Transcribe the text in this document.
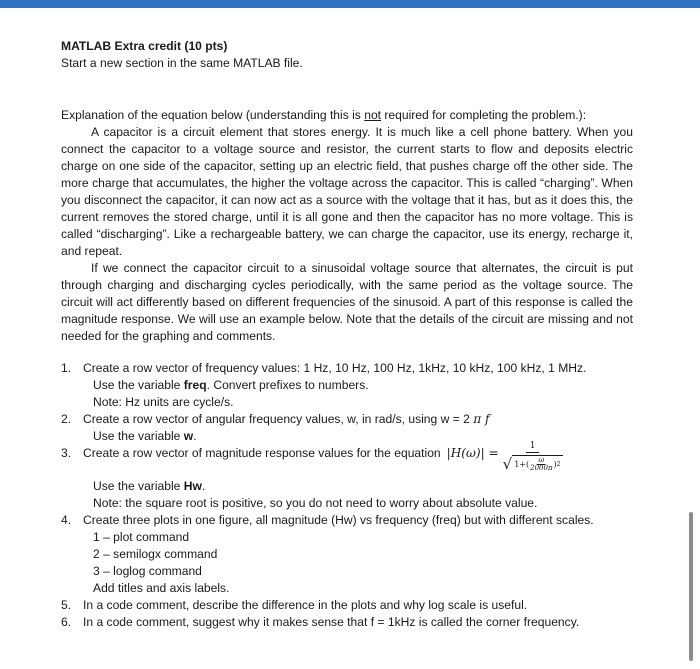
MATLAB Extra credit (10 pts)

Start a new section in the same MATLAB file.

Explanation of the equation below (understanding this is not required for completing the problem.):

A capacitor is a circuit element that stores energy. It is much like a cell phone battery. When you connect the capacitor to a voltage source and resistor, the current starts to flow and deposits electric charge on one side of the capacitor, setting up an electric field, that pushes charge off the other side. The more charge that accumulates, the higher the voltage across the capacitor. This is called “charging”. When you disconnect the capacitor, it can now act as a source with the voltage that it has, but as it does this, the current removes the stored charge, until it is all gone and then the capacitor has no more voltage. This is called “discharging”. Like a rechargeable battery, we can charge the capacitor, use its energy, recharge it, and repeat.

If we connect the capacitor circuit to a sinusoidal voltage source that alternates, the circuit is put through charging and discharging cycles periodically, with the same period as the voltage source. The circuit will act differently based on different frequencies of the sinusoid. A part of this response is called the magnitude response. We will use an example below. Note that the details of the circuit are missing and not needed for the graphing and comments.

1. Create a row vector of frequency values: 1 Hz, 10 Hz, 100 Hz, 1kHz, 10 kHz, 100 kHz, 1 MHz.
Use the variable freq. Convert prefixes to numbers.
Note: Hz units are cycle/s.
2. Create a row vector of angular frequency values, w, in rad/s, using w = 2 π f
Use the variable w.
3. Create a row vector of magnitude response values for the equation |H(ω)| = 1
√ 1+( ω
2000π ) 2
Use the variable Hw.
Note: the square root is positive, so you do not need to worry about absolute value.
4. Create three plots in one figure, all magnitude (Hw) vs frequency (freq) but with different scales.
1 – plot command
2 – semilogx command
3 – loglog command
Add titles and axis labels.
5. In a code comment, describe the difference in the plots and why log scale is useful.
6. In a code comment, suggest why it makes sense that f = 1kHz is called the corner frequency.
